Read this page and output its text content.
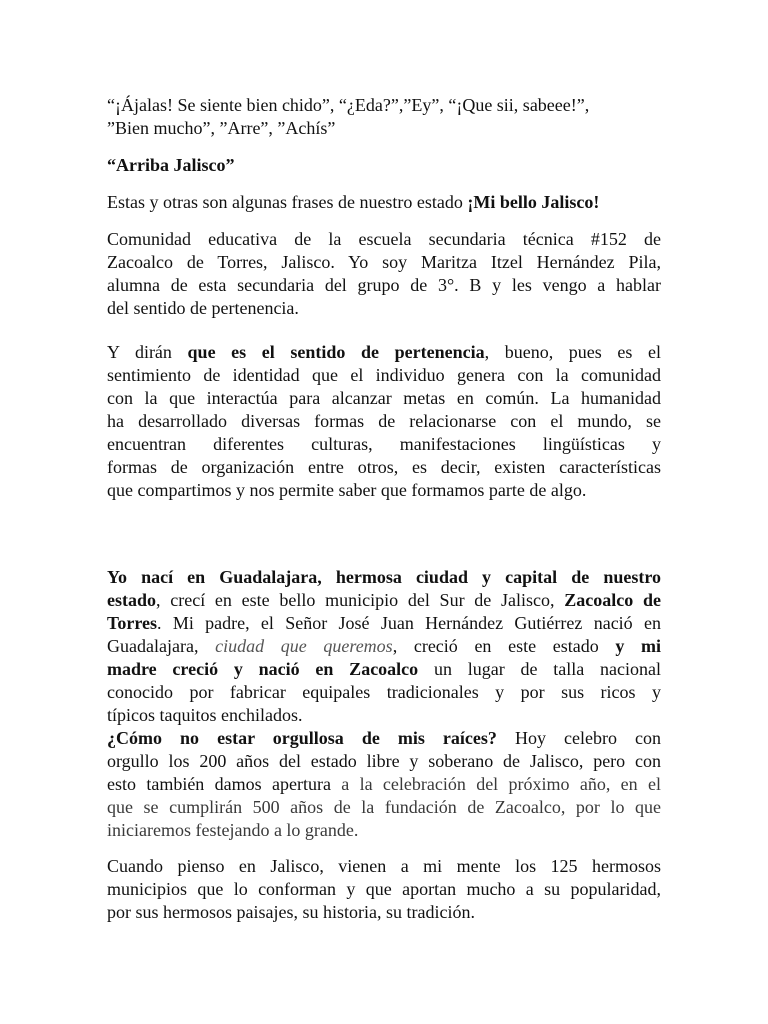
“¡Ájalas! Se siente bien chido”, “¿Eda?”,”Ey”, “¡Que sii, sabeee!”,
”Bien mucho”, ”Arre”, ”Achís”
“Arriba Jalisco”
Estas y otras son algunas frases de nuestro estado ¡Mi bello Jalisco!
Comunidad educativa de la escuela secundaria técnica #152 de
Zacoalco de Torres, Jalisco. Yo soy Maritza Itzel Hernández Pila,
alumna de esta secundaria del grupo de 3°. B y les vengo a hablar
del sentido de pertenencia.
Y dirán que es el sentido de pertenencia, bueno, pues es el
sentimiento de identidad que el individuo genera con la comunidad
con la que interactúa para alcanzar metas en común. La humanidad
ha desarrollado diversas formas de relacionarse con el mundo, se
encuentran diferentes culturas, manifestaciones lingüísticas y
formas de organización entre otros, es decir, existen características
que compartimos y nos permite saber que formamos parte de algo.
Yo nací en Guadalajara, hermosa ciudad y capital de nuestro
estado, crecí en este bello municipio del Sur de Jalisco, Zacoalco de
Torres. Mi padre, el Señor José Juan Hernández Gutiérrez nació en
Guadalajara, ciudad que queremos, creció en este estado y mi
madre creció y nació en Zacoalco un lugar de talla nacional
conocido por fabricar equipales tradicionales y por sus ricos y
típicos taquitos enchilados.
¿Cómo no estar orgullosa de mis raíces? Hoy celebro con
orgullo los 200 años del estado libre y soberano de Jalisco, pero con
esto también damos apertura a la celebración del próximo año, en el
que se cumplirán 500 años de la fundación de Zacoalco, por lo que
iniciaremos festejando a lo grande.
Cuando pienso en Jalisco, vienen a mi mente los 125 hermosos
municipios que lo conforman y que aportan mucho a su popularidad,
por sus hermosos paisajes, su historia, su tradición.
